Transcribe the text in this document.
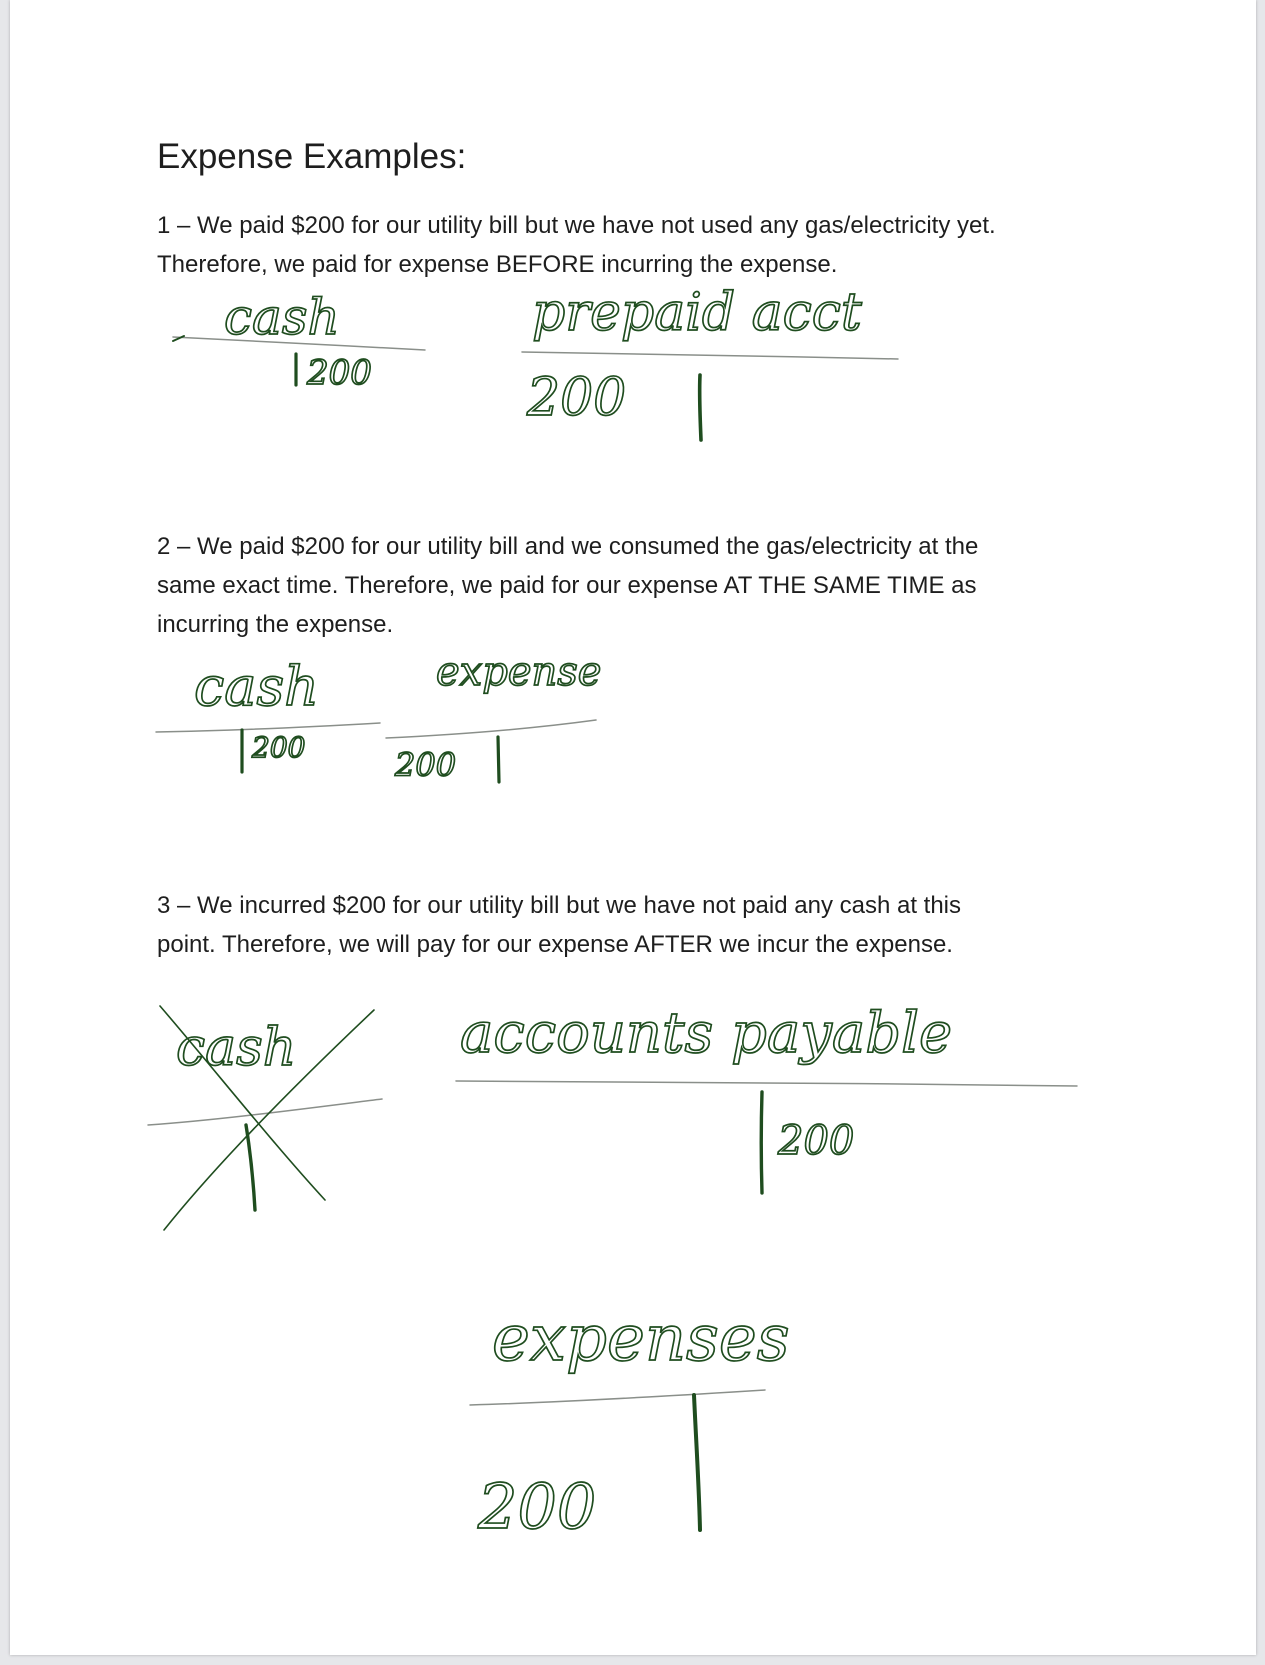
Expense Examples:
1 – We paid $200 for our utility bill but we have not used any gas/electricity yet.
Therefore, we paid for expense BEFORE incurring the expense.
2 – We paid $200 for our utility bill and we consumed the gas/electricity at the
same exact time. Therefore, we paid for our expense AT THE SAME TIME as
incurring the expense.
3 – We incurred $200 for our utility bill but we have not paid any cash at this
point. Therefore, we will pay for our expense AFTER we incur the expense.
cash
200
prepaid acct
200
cash
200
expense
200
cash	accounts payable
200
expenses
200
